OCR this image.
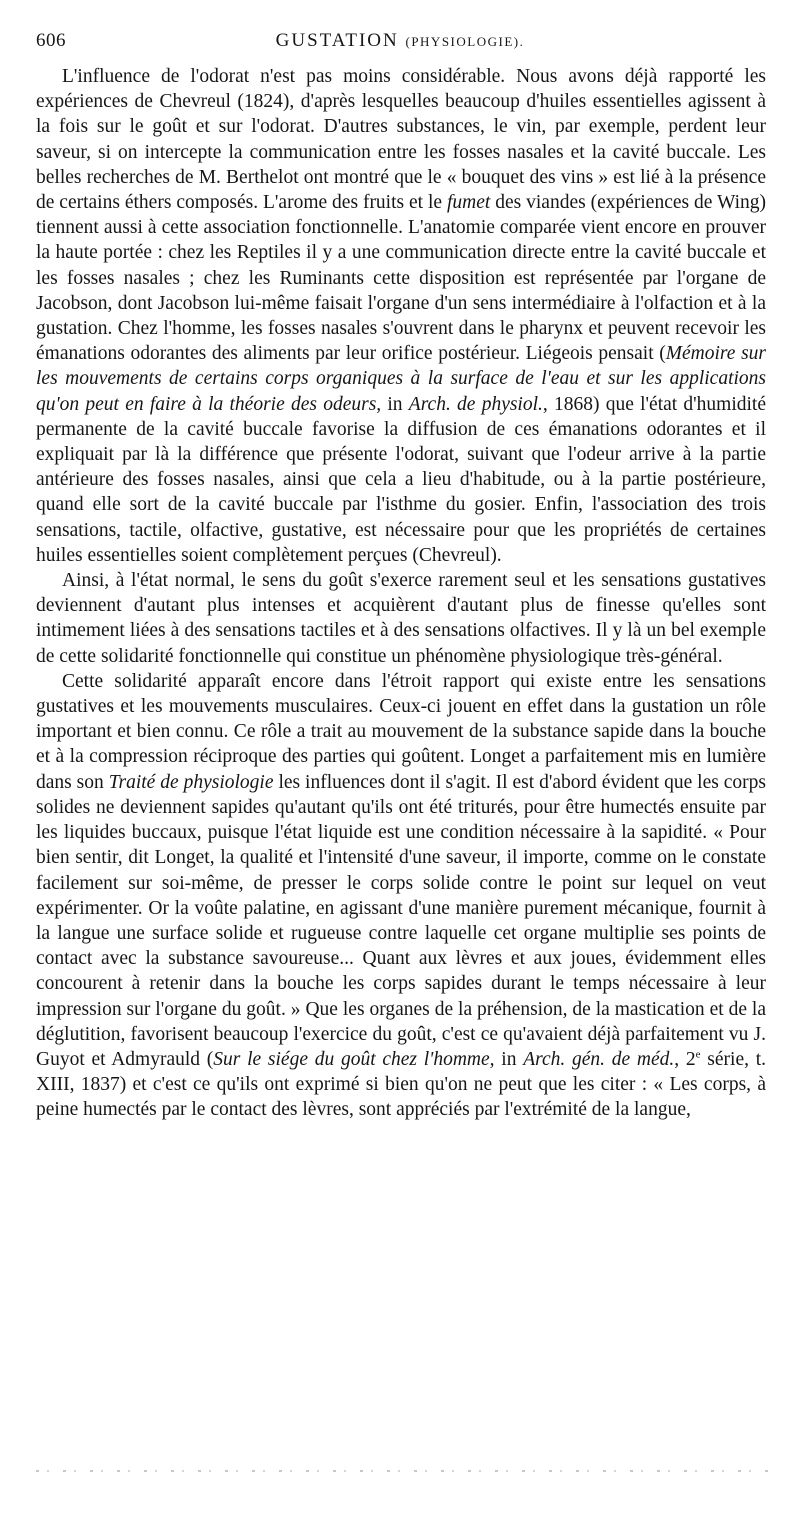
606	GUSTATION (PHYSIOLOGIE).

L'influence de l'odorat n'est pas moins considérable. Nous avons déjà rapporté les expériences de Chevreul (1824), d'après lesquelles beaucoup d'huiles essentielles agissent à la fois sur le goût et sur l'odorat. D'autres substances, le vin, par exemple, perdent leur saveur, si on intercepte la communication entre les fosses nasales et la cavité buccale. Les belles recherches de M. Berthelot ont montré que le « bouquet des vins » est lié à la présence de certains éthers composés. L'arome des fruits et le fumet des viandes (expériences de Wing) tiennent aussi à cette association fonctionnelle. L'anatomie comparée vient encore en prouver la haute portée : chez les Reptiles il y a une communication directe entre la cavité buccale et les fosses nasales ; chez les Ruminants cette disposition est représentée par l'organe de Jacobson, dont Jacobson lui-même faisait l'organe d'un sens intermédiaire à l'olfaction et à la gustation. Chez l'homme, les fosses nasales s'ouvrent dans le pharynx et peuvent recevoir les émanations odorantes des aliments par leur orifice postérieur. Liégeois pensait (Mémoire sur les mouvements de certains corps organiques à la surface de l'eau et sur les applications qu'on peut en faire à la théorie des odeurs, in Arch. de physiol., 1868) que l'état d'humidité permanente de la cavité buccale favorise la diffusion de ces émanations odorantes et il expliquait par là la différence que présente l'odorat, suivant que l'odeur arrive à la partie antérieure des fosses nasales, ainsi que cela a lieu d'habitude, ou à la partie postérieure, quand elle sort de la cavité buccale par l'isthme du gosier. Enfin, l'association des trois sensations, tactile, olfactive, gustative, est nécessaire pour que les propriétés de certaines huiles essentielles soient complètement perçues (Chevreul).

Ainsi, à l'état normal, le sens du goût s'exerce rarement seul et les sensations gustatives deviennent d'autant plus intenses et acquièrent d'autant plus de finesse qu'elles sont intimement liées à des sensations tactiles et à des sensations olfactives. Il y là un bel exemple de cette solidarité fonctionnelle qui constitue un phénomène physiologique très-général.

Cette solidarité apparaît encore dans l'étroit rapport qui existe entre les sensations gustatives et les mouvements musculaires. Ceux-ci jouent en effet dans la gustation un rôle important et bien connu. Ce rôle a trait au mouvement de la substance sapide dans la bouche et à la compression réciproque des parties qui goûtent. Longet a parfaitement mis en lumière dans son Traité de physiologie les influences dont il s'agit. Il est d'abord évident que les corps solides ne deviennent sapides qu'autant qu'ils ont été triturés, pour être humectés ensuite par les liquides buccaux, puisque l'état liquide est une condition nécessaire à la sapidité. « Pour bien sentir, dit Longet, la qualité et l'intensité d'une saveur, il importe, comme on le constate facilement sur soi-même, de presser le corps solide contre le point sur lequel on veut expérimenter. Or la voûte palatine, en agissant d'une manière purement mécanique, fournit à la langue une surface solide et rugueuse contre laquelle cet organe multiplie ses points de contact avec la substance savoureuse... Quant aux lèvres et aux joues, évidemment elles concourent à retenir dans la bouche les corps sapides durant le temps nécessaire à leur impression sur l'organe du goût. » Que les organes de la préhension, de la mastication et de la déglutition, favorisent beaucoup l'exercice du goût, c'est ce qu'avaient déjà parfaitement vu J. Guyot et Admyrauld (Sur le siége du goût chez l'homme, in Arch. gén. de méd., 2e série, t. XIII, 1837) et c'est ce qu'ils ont exprimé si bien qu'on ne peut que les citer : « Les corps, à peine humectés par le contact des lèvres, sont appréciés par l'extrémité de la langue,
